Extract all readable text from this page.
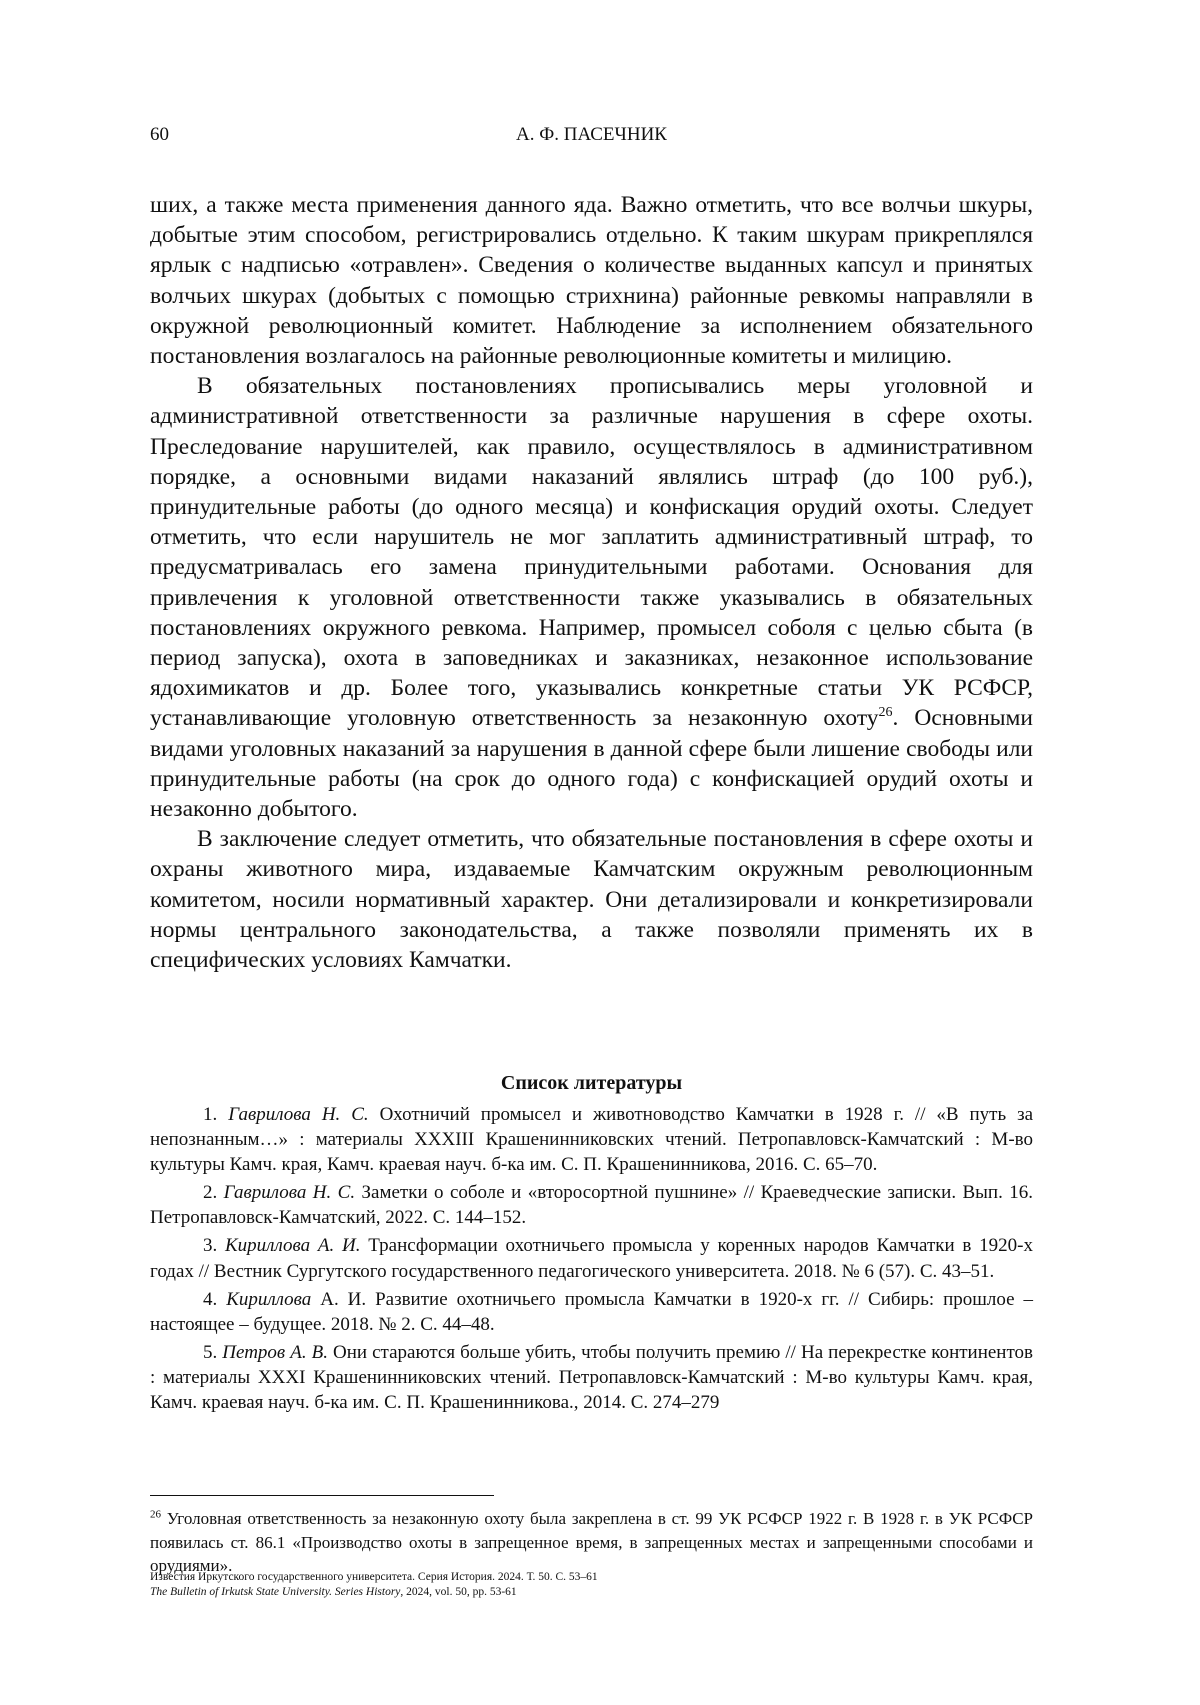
60	А. Ф. ПАСЕЧНИК

ших, а также места применения данного яда. Важно отметить, что все волчьи шкуры, добытые этим способом, регистрировались отдельно. К таким шкурам прикреплялся ярлык с надписью «отравлен». Сведения о количестве выданных капсул и принятых волчьих шкурах (добытых с помощью стрихнина) районные ревкомы направляли в окружной революционный комитет. Наблюдение за исполнением обязательного постановления возлагалось на районные революционные комитеты и милицию.

В обязательных постановлениях прописывались меры уголовной и административной ответственности за различные нарушения в сфере охоты. Преследование нарушителей, как правило, осуществлялось в административном порядке, а основными видами наказаний являлись штраф (до 100 руб.), принудительные работы (до одного месяца) и конфискация орудий охоты. Следует отметить, что если нарушитель не мог заплатить административный штраф, то предусматривалась его замена принудительными работами. Основания для привлечения к уголовной ответственности также указывались в обязательных постановлениях окружного ревкома. Например, промысел соболя с целью сбыта (в период запуска), охота в заповедниках и заказниках, незаконное использование ядохимикатов и др. Более того, указывались конкретные статьи УК РСФСР, устанавливающие уголовную ответственность за незаконную охоту$^{26}$. Основными видами уголовных наказаний за нарушения в данной сфере были лишение свободы или принудительные работы (на срок до одного года) с конфискацией орудий охоты и незаконно добытого.

В заключение следует отметить, что обязательные постановления в сфере охоты и охраны животного мира, издаваемые Камчатским окружным революционным комитетом, носили нормативный характер. Они детализировали и конкретизировали нормы центрального законодательства, а также позволяли применять их в специфических условиях Камчатки.

Список литературы

1. Гаврилова Н. С. Охотничий промысел и животноводство Камчатки в 1928 г. // «В путь за непознанным…» : материалы XXXIII Крашенинниковских чтений. Петропавловск-Камчатский : М-во культуры Камч. края, Камч. краевая науч. б-ка им. С. П. Крашенинникова, 2016. С. 65–70.

2. Гаврилова Н. С. Заметки о соболе и «второсортной пушнине» // Краеведческие записки. Вып. 16. Петропавловск-Камчатский, 2022. С. 144–152.

3. Кириллова А. И. Трансформации охотничьего промысла у коренных народов Камчатки в 1920-х годах // Вестник Сургутского государственного педагогического университета. 2018. № 6 (57). С. 43–51.

4. Кириллова А. И. Развитие охотничьего промысла Камчатки в 1920-х гг. // Сибирь: прошлое – настоящее – будущее. 2018. № 2. С. 44–48.

5. Петров А. В. Они стараются больше убить, чтобы получить премию // На перекрестке континентов : материалы XXXI Крашенинниковских чтений. Петропавловск-Камчатский : М-во культуры Камч. края, Камч. краевая науч. б-ка им. С. П. Крашенинникова., 2014. С. 274–279

$^{26}$ Уголовная ответственность за незаконную охоту была закреплена в ст. 99 УК РСФСР 1922 г. В 1928 г. в УК РСФСР появилась ст. 86.1 «Производство охоты в запрещенное время, в запрещенных местах и запрещенными способами и орудиями».
Известия Иркутского государственного университета. Серия История. 2024. Т. 50. С. 53–61
The Bulletin of Irkutsk State University. Series History, 2024, vol. 50, pp. 53-61
